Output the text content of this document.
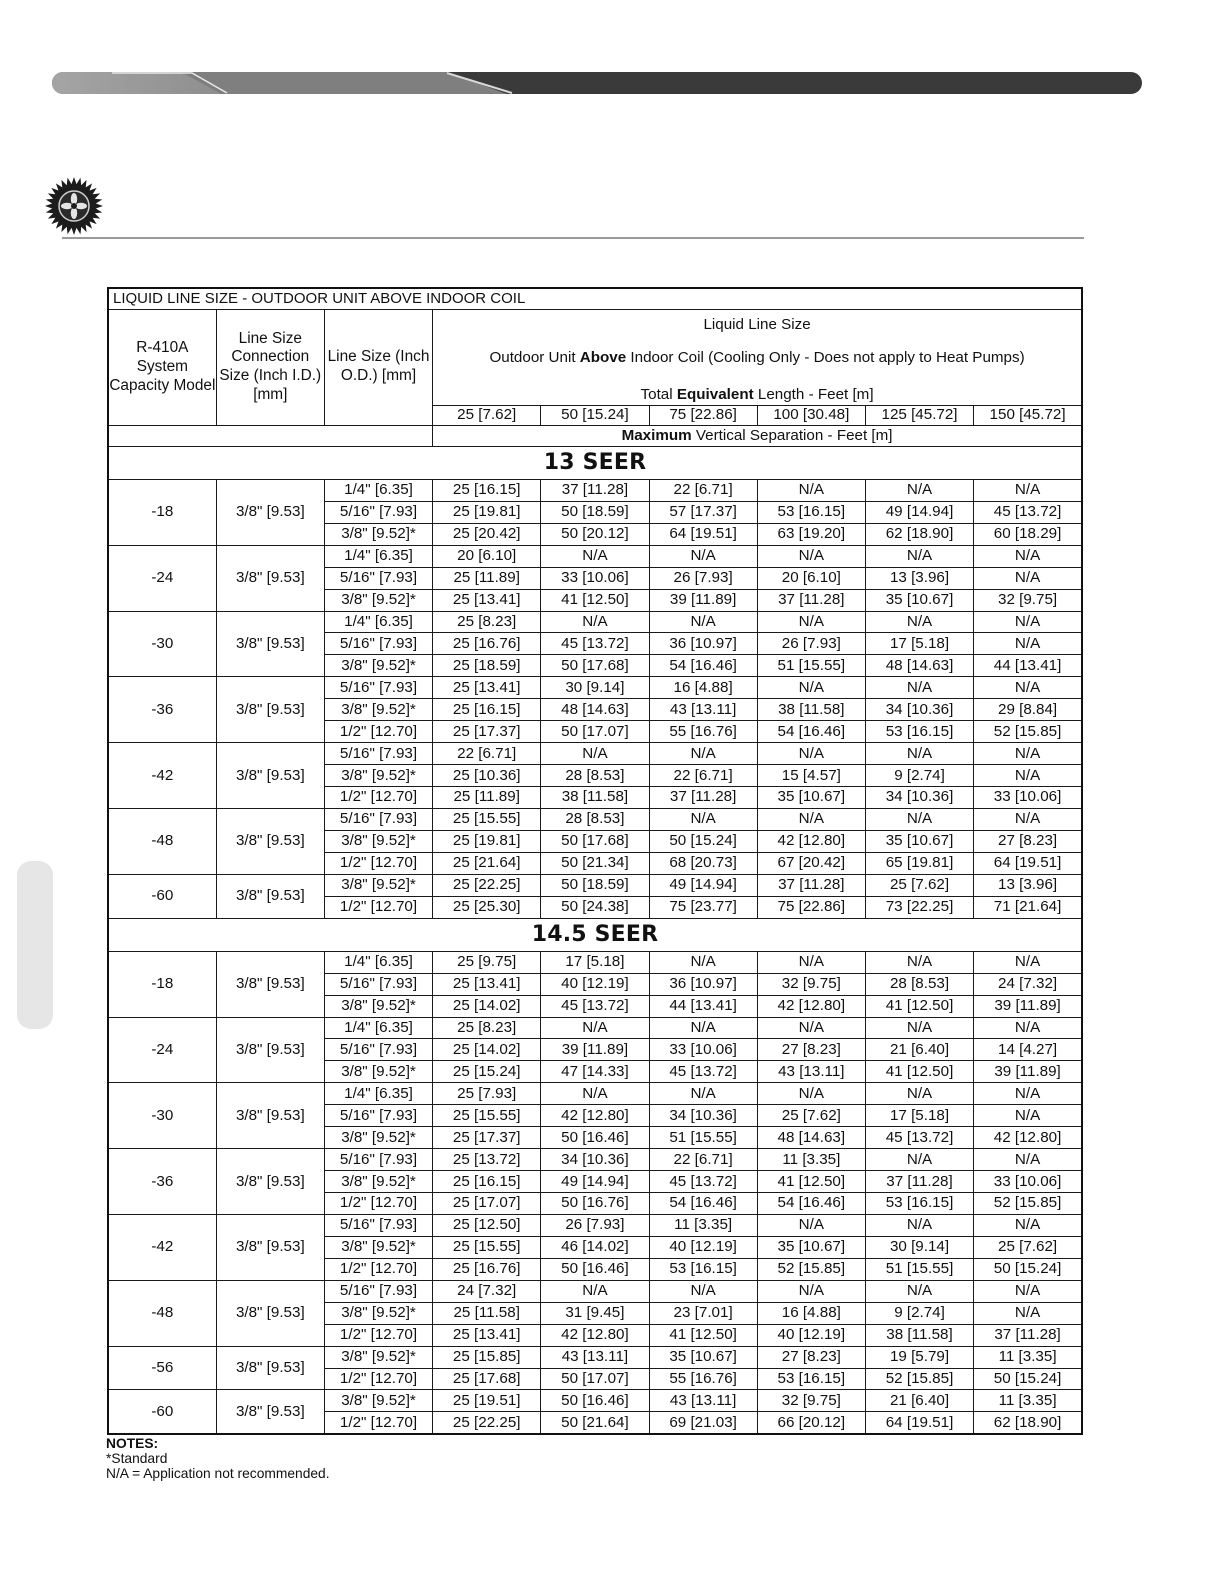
LIQUID LINE SIZE - OUTDOOR UNIT ABOVE INDOOR COIL								
R-410A System Capacity Model	Line Size Connection Size (Inch I.D.) [mm]	Line Size (Inch O.D.) [mm]	Liquid Line Size					
			Outdoor Unit Above Indoor Coil (Cooling Only - Does not apply to Heat Pumps)					
			Total Equivalent Length - Feet [m]					
			25 [7.62]	50 [15.24]	75 [22.86]	100 [30.48]	125 [45.72]	150 [45.72]
			Maximum Vertical Separation - Feet [m]					
13 SEER								
-18	3/8" [9.53]	1/4" [6.35]	25 [16.15]	37 [11.28]	22 [6.71]	N/A	N/A	N/A
		5/16" [7.93]	25 [19.81]	50 [18.59]	57 [17.37]	53 [16.15]	49 [14.94]	45 [13.72]
		3/8" [9.52]*	25 [20.42]	50 [20.12]	64 [19.51]	63 [19.20]	62 [18.90]	60 [18.29]
-24	3/8" [9.53]	1/4" [6.35]	20 [6.10]	N/A	N/A	N/A	N/A	N/A
		5/16" [7.93]	25 [11.89]	33 [10.06]	26 [7.93]	20 [6.10]	13 [3.96]	N/A
		3/8" [9.52]*	25 [13.41]	41 [12.50]	39 [11.89]	37 [11.28]	35 [10.67]	32 [9.75]
-30	3/8" [9.53]	1/4" [6.35]	25 [8.23]	N/A	N/A	N/A	N/A	N/A
		5/16" [7.93]	25 [16.76]	45 [13.72]	36 [10.97]	26 [7.93]	17 [5.18]	N/A
		3/8" [9.52]*	25 [18.59]	50 [17.68]	54 [16.46]	51 [15.55]	48 [14.63]	44 [13.41]
-36	3/8" [9.53]	5/16" [7.93]	25 [13.41]	30 [9.14]	16 [4.88]	N/A	N/A	N/A
		3/8" [9.52]*	25 [16.15]	48 [14.63]	43 [13.11]	38 [11.58]	34 [10.36]	29 [8.84]
		1/2" [12.70]	25 [17.37]	50 [17.07]	55 [16.76]	54 [16.46]	53 [16.15]	52 [15.85]
-42	3/8" [9.53]	5/16" [7.93]	22 [6.71]	N/A	N/A	N/A	N/A	N/A
		3/8" [9.52]*	25 [10.36]	28 [8.53]	22 [6.71]	15 [4.57]	9 [2.74]	N/A
		1/2" [12.70]	25 [11.89]	38 [11.58]	37 [11.28]	35 [10.67]	34 [10.36]	33 [10.06]
-48	3/8" [9.53]	5/16" [7.93]	25 [15.55]	28 [8.53]	N/A	N/A	N/A	N/A
		3/8" [9.52]*	25 [19.81]	50 [17.68]	50 [15.24]	42 [12.80]	35 [10.67]	27 [8.23]
		1/2" [12.70]	25 [21.64]	50 [21.34]	68 [20.73]	67 [20.42]	65 [19.81]	64 [19.51]
-60	3/8" [9.53]	3/8" [9.52]*	25 [22.25]	50 [18.59]	49 [14.94]	37 [11.28]	25 [7.62]	13 [3.96]
		1/2" [12.70]	25 [25.30]	50 [24.38]	75 [23.77]	75 [22.86]	73 [22.25]	71 [21.64]
14.5 SEER								
-18	3/8" [9.53]	1/4" [6.35]	25 [9.75]	17 [5.18]	N/A	N/A	N/A	N/A
		5/16" [7.93]	25 [13.41]	40 [12.19]	36 [10.97]	32 [9.75]	28 [8.53]	24 [7.32]
		3/8" [9.52]*	25 [14.02]	45 [13.72]	44 [13.41]	42 [12.80]	41 [12.50]	39 [11.89]
-24	3/8" [9.53]	1/4" [6.35]	25 [8.23]	N/A	N/A	N/A	N/A	N/A
		5/16" [7.93]	25 [14.02]	39 [11.89]	33 [10.06]	27 [8.23]	21 [6.40]	14 [4.27]
		3/8" [9.52]*	25 [15.24]	47 [14.33]	45 [13.72]	43 [13.11]	41 [12.50]	39 [11.89]
-30	3/8" [9.53]	1/4" [6.35]	25 [7.93]	N/A	N/A	N/A	N/A	N/A
		5/16" [7.93]	25 [15.55]	42 [12.80]	34 [10.36]	25 [7.62]	17 [5.18]	N/A
		3/8" [9.52]*	25 [17.37]	50 [16.46]	51 [15.55]	48 [14.63]	45 [13.72]	42 [12.80]
-36	3/8" [9.53]	5/16" [7.93]	25 [13.72]	34 [10.36]	22 [6.71]	11 [3.35]	N/A	N/A
		3/8" [9.52]*	25 [16.15]	49 [14.94]	45 [13.72]	41 [12.50]	37 [11.28]	33 [10.06]
		1/2" [12.70]	25 [17.07]	50 [16.76]	54 [16.46]	54 [16.46]	53 [16.15]	52 [15.85]
-42	3/8" [9.53]	5/16" [7.93]	25 [12.50]	26 [7.93]	11 [3.35]	N/A	N/A	N/A
		3/8" [9.52]*	25 [15.55]	46 [14.02]	40 [12.19]	35 [10.67]	30 [9.14]	25 [7.62]
		1/2" [12.70]	25 [16.76]	50 [16.46]	53 [16.15]	52 [15.85]	51 [15.55]	50 [15.24]
-48	3/8" [9.53]	5/16" [7.93]	24 [7.32]	N/A	N/A	N/A	N/A	N/A
		3/8" [9.52]*	25 [11.58]	31 [9.45]	23 [7.01]	16 [4.88]	9 [2.74]	N/A
		1/2" [12.70]	25 [13.41]	42 [12.80]	41 [12.50]	40 [12.19]	38 [11.58]	37 [11.28]
-56	3/8" [9.53]	3/8" [9.52]*	25 [15.85]	43 [13.11]	35 [10.67]	27 [8.23]	19 [5.79]	11 [3.35]
		1/2" [12.70]	25 [17.68]	50 [17.07]	55 [16.76]	53 [16.15]	52 [15.85]	50 [15.24]
-60	3/8" [9.53]	3/8" [9.52]*	25 [19.51]	50 [16.46]	43 [13.11]	32 [9.75]	21 [6.40]	11 [3.35]
		1/2" [12.70]	25 [22.25]	50 [21.64]	69 [21.03]	66 [20.12]	64 [19.51]	62 [18.90]
NOTES:
*Standard
N/A = Application not recommended.
